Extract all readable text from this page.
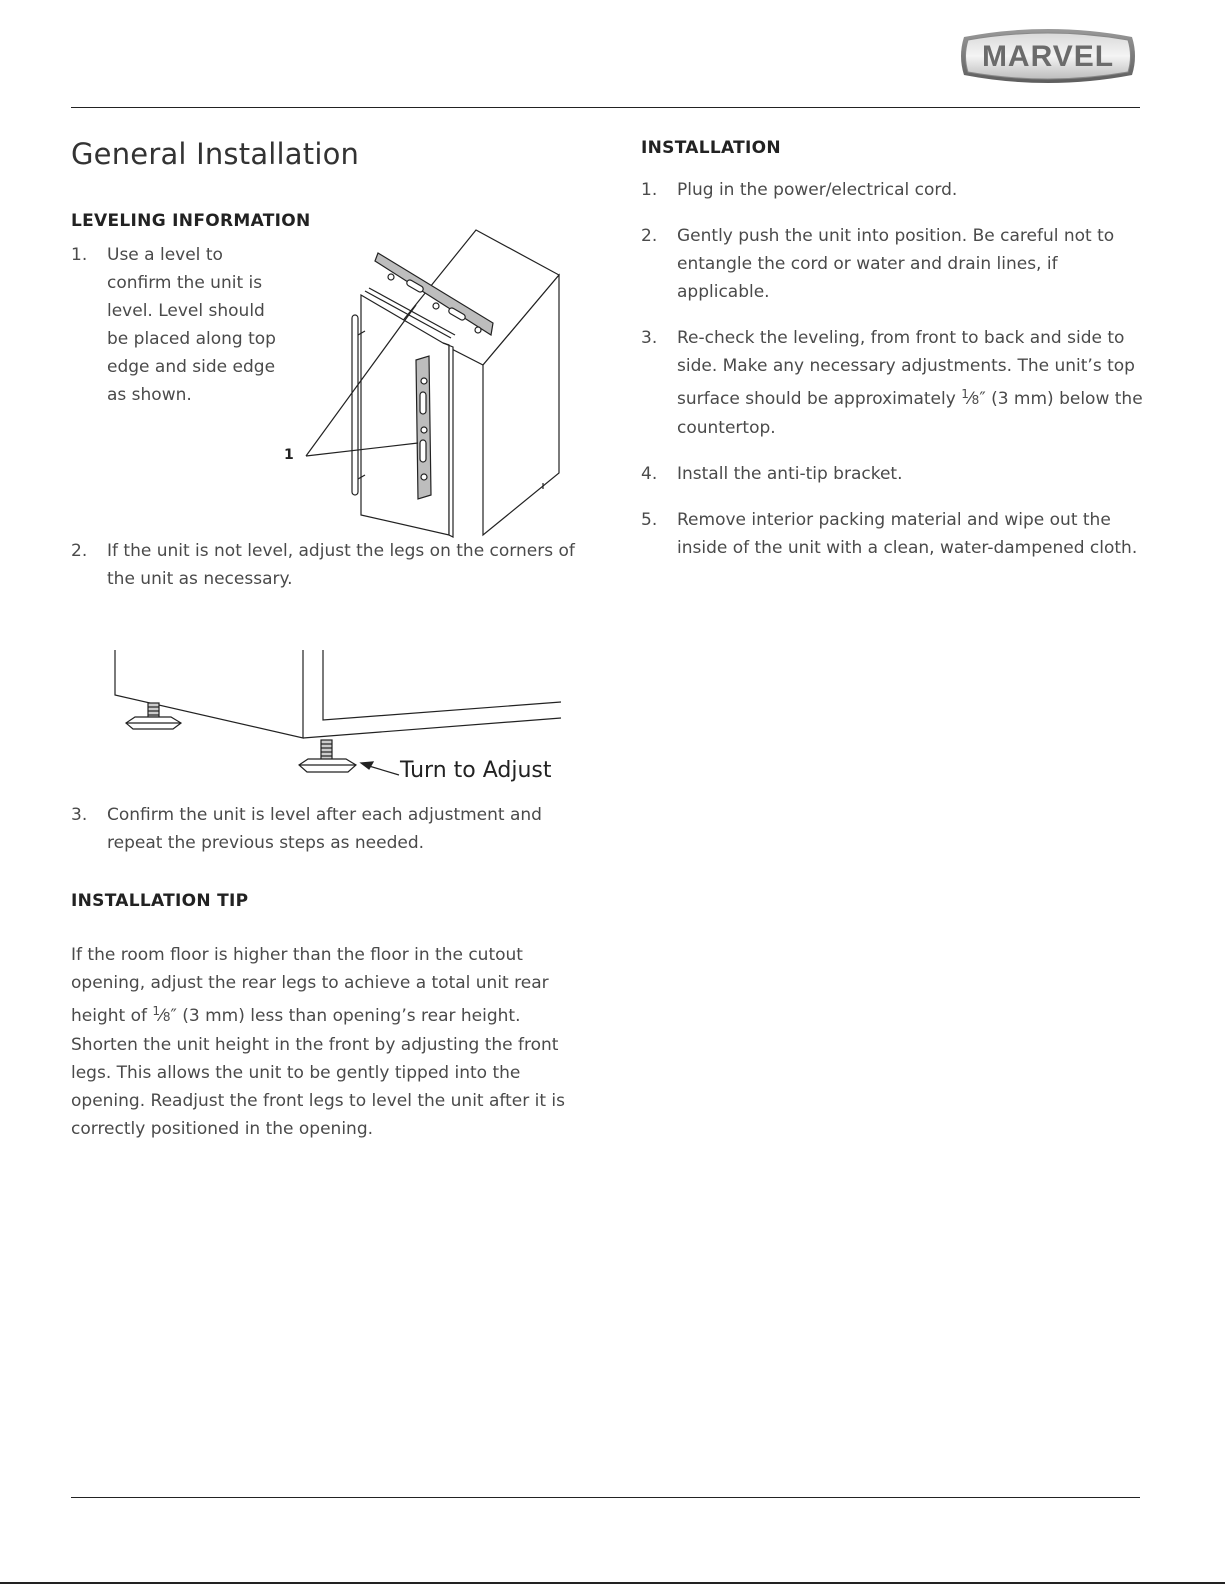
MARVEL
General Installation
LEVELING INFORMATION
1. Use a level to
confirm the unit is
level. Level should
be placed along top
edge and side edge
as shown.
1
2.	If the unit is not level, adjust the legs on the corners of the unit as necessary.
Turn to Adjust
3.	Confirm the unit is level after each adjustment and repeat the previous steps as needed.
INSTALLATION TIP

If the room floor is higher than the floor in the cutout opening, adjust the rear legs to achieve a total unit rear height of $^1$⁄8″ (3 mm) less than opening’s rear height. Shorten the unit height in the front by adjusting the front legs. This allows the unit to be gently tipped into the opening. Readjust the front legs to level the unit after it is correctly positioned in the opening.

INSTALLATION
1.	Plug in the power/electrical cord.
2.	Gently push the unit into position. Be careful not to entangle the cord or water and drain lines, if applicable.
3.	Re-check the leveling, from front to back and side to side. Make any necessary adjustments. The unit’s top surface should be approximately $^1$⁄8″ (3 mm) below the countertop.
4.	Install the anti-tip bracket.
5.	Remove interior packing material and wipe out the inside of the unit with a clean, water-dampened cloth.
